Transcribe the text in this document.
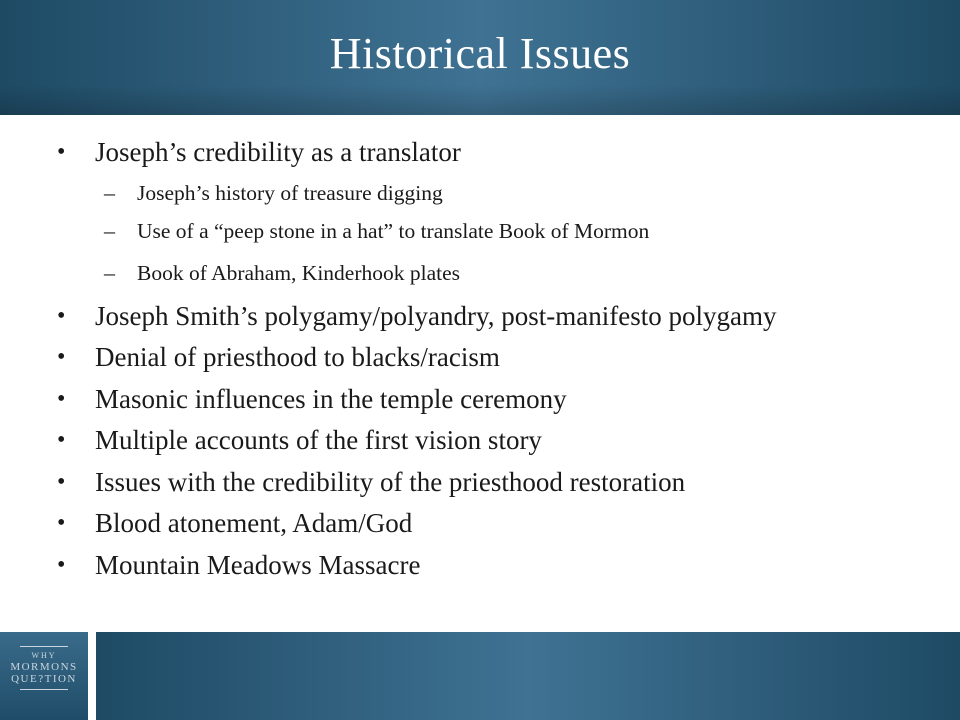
Historical Issues
• Joseph’s credibility as a translator
– Joseph’s history of treasure digging
– Use of a “peep stone in a hat” to translate Book of Mormon
– Book of Abraham, Kinderhook plates
• Joseph Smith’s polygamy/polyandry, post-manifesto polygamy
• Denial of priesthood to blacks/racism
• Masonic influences in the temple ceremony
• Multiple accounts of the first vision story
• Issues with the credibility of the priesthood restoration
• Blood atonement, Adam/God
• Mountain Meadows Massacre
WHY
MORMONS
QUE?TION
